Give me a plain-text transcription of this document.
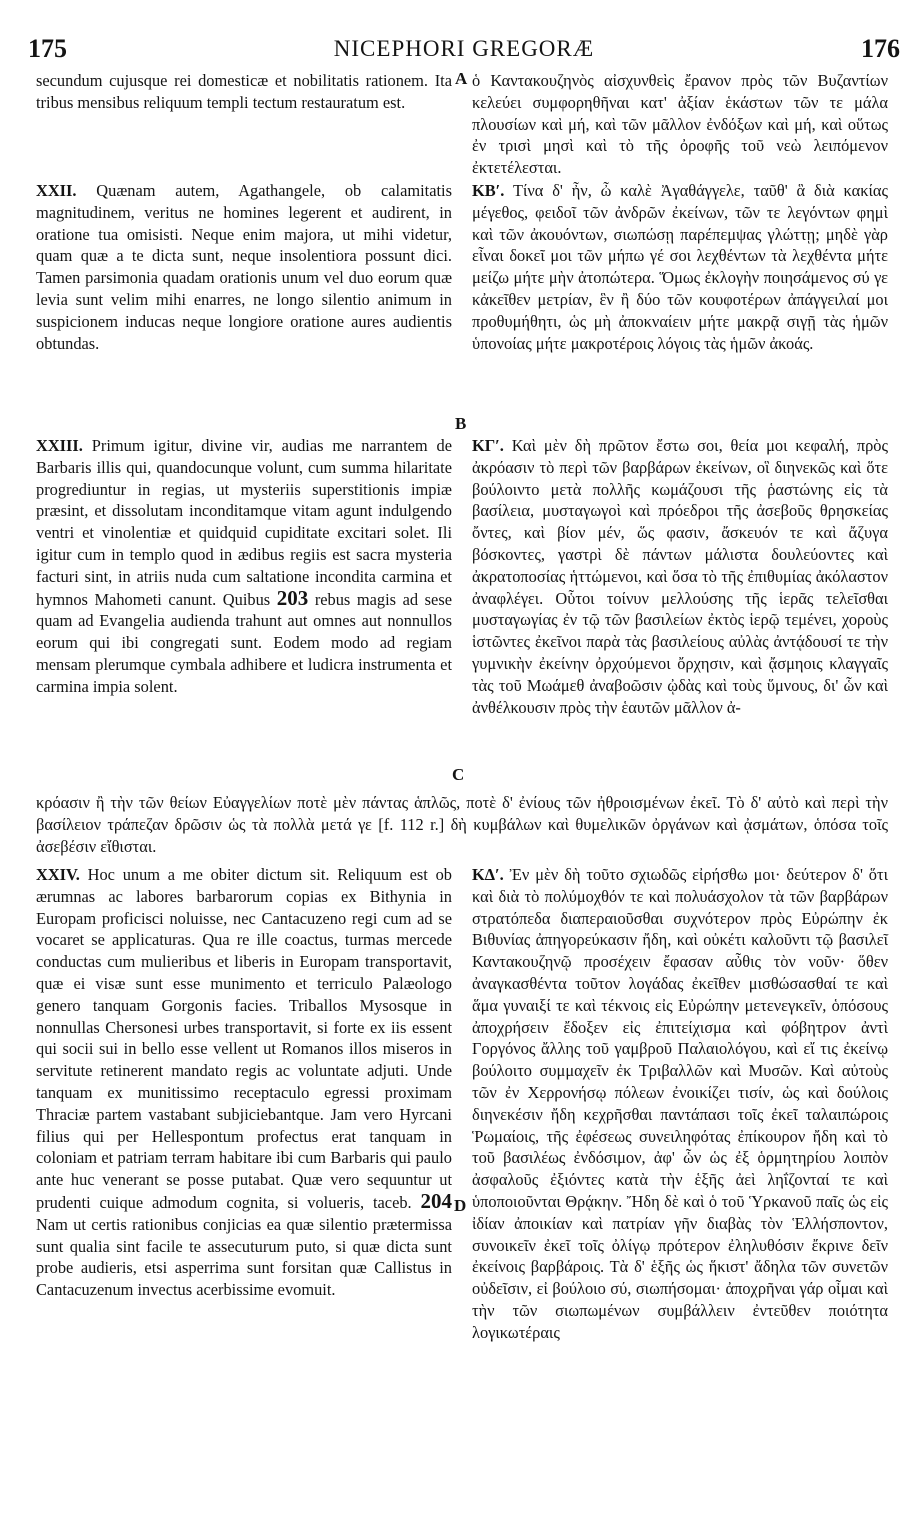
175	NICEPHORI GREGORÆ	176
A
B
C
D

secundum cujusque rei domesticæ et nobilitatis rationem. Ita tribus mensibus reliquum templi tectum restauratum est.

ὁ Καντακουζηνὸς αἰσχυνθεὶς ἔρανον πρὸς τῶν Βυζαντίων κελεύει συμφορηθῆναι κατ' ἀξίαν ἑκάστων τῶν τε μάλα πλουσίων καὶ μή, καὶ τῶν μᾶλλον ἐνδόξων καὶ μή, καὶ οὕτως ἐν τρισὶ μησὶ καὶ τὸ τῆς ὀροφῆς τοῦ νεὼ λειπόμενον ἐκτετέλεσται.

XXII. Quænam autem, Agathangele, ob calamitatis magnitudinem, veritus ne homines legerent et audirent, in oratione tua omisisti. Neque enim majora, ut mihi videtur, quam quæ a te dicta sunt, neque insolentiora possunt dici. Tamen parsimonia quadam orationis unum vel duo eorum quæ levia sunt velim mihi enarres, ne longo silentio animum in suspicionem inducas neque longiore oratione aures audientis obtundas.

ΚΒʹ. Τίνα δ' ἦν, ὦ καλὲ Ἀγαθάγγελε, ταῦθ' ἃ διὰ κακίας μέγεθος, φειδοῖ τῶν ἀνδρῶν ἐκείνων, τῶν τε λεγόντων φημὶ καὶ τῶν ἀκουόντων, σιωπώσῃ παρέπεμψας γλώττῃ; μηδὲ γὰρ εἶναι δοκεῖ μοι τῶν μήπω γέ σοι λεχθέντων τὰ λεχθέντα μήτε μείζω μήτε μὴν ἀτοπώτερα. Ὅμως ἐκλογὴν ποιησάμενος σύ γε κἀκεῖθεν μετρίαν, ἓν ἢ δύο τῶν κουφοτέρων ἀπάγγειλαί μοι προθυμήθητι, ὡς μὴ ἀποκναίειν μήτε μακρᾷ σιγῇ τὰς ἡμῶν ὑπονοίας μήτε μακροτέροις λόγοις τὰς ἡμῶν ἀκοάς.

XXIII. Primum igitur, divine vir, audias me narrantem de Barbaris illis qui, quandocunque volunt, cum summa hilaritate progrediuntur in regias, ut mysteriis superstitionis impiæ præsint, et dissolutam inconditamque vitam agunt indulgendo ventri et vinolentiæ et quidquid cupiditate excitari solet. Ili igitur cum in templo quod in ædibus regiis est sacra mysteria facturi sint, in atriis nuda cum saltatione incondita carmina et hymnos Mahometi canunt. Quibus 203 rebus magis ad sese quam ad Evangelia audienda trahunt aut omnes aut nonnullos eorum qui ibi congregati sunt. Eodem modo ad regiam mensam plerumque cymbala adhibere et ludicra instrumenta et carmina impia solent.

ΚΓʹ. Καὶ μὲν δὴ πρῶτον ἔστω σοι, θεία μοι κεφαλή, πρὸς ἀκρόασιν τὸ περὶ τῶν βαρβάρων ἐκείνων, οἳ διηνεκῶς καὶ ὅτε βούλοιντο μετὰ πολλῆς κωμάζουσι τῆς ῥαστώνης εἰς τὰ βασίλεια, μυσταγωγοὶ καὶ πρόεδροι τῆς ἀσεβοῦς θρησκείας ὄντες, καὶ βίον μέν, ὥς φασιν, ἄσκευόν τε καὶ ἄζυγα βόσκοντες, γαστρὶ δὲ πάντων μάλιστα δουλεύοντες καὶ ἀκρατοποσίας ἡττώμενοι, καὶ ὅσα τὸ τῆς ἐπιθυμίας ἀκόλαστον ἀναφλέγει. Οὗτοι τοίνυν μελλούσης τῆς ἱερᾶς τελεῖσθαι μυσταγωγίας ἐν τῷ τῶν βασιλείων ἐκτὸς ἱερῷ τεμένει, χοροὺς ἱστῶντες ἐκεῖνοι παρὰ τὰς βασιλείους αὐλὰς ἀντᾴδουσί τε τὴν γυμνικὴν ἐκείνην ὀρχούμενοι ὄρχησιν, καὶ ᾄσμηοις κλαγγαῖς τὰς τοῦ Μωάμεθ ἀναβοῶσιν ᾠδὰς καὶ τοὺς ὕμνους, δι' ὧν καὶ ἀνθέλκουσιν πρὸς τὴν ἑαυτῶν μᾶλλον ἀ-

κρόασιν ἢ τὴν τῶν θείων Εὐαγγελίων ποτὲ μὲν πάντας ἁπλῶς, ποτὲ δ' ἐνίους τῶν ἠθροισμένων ἐκεῖ. Τὸ δ' αὐτὸ καὶ περὶ τὴν βασίλειον τράπεζαν δρῶσιν ὡς τὰ πολλὰ μετά γε [f. 112 r.] δὴ κυμβάλων καὶ θυμελικῶν ὀργάνων καὶ ᾀσμάτων, ὁπόσα τοῖς ἀσεβέσιν εἴθισται.

XXIV. Hoc unum a me obiter dictum sit. Reliquum est ob ærumnas ac labores barbarorum copias ex Bithynia in Europam proficisci noluisse, nec Cantacuzeno regi cum ad se vocaret se applicaturas. Qua re ille coactus, turmas mercede conductas cum mulieribus et liberis in Europam transportavit, quæ ei visæ sunt esse munimento et terriculo Palæologo genero tanquam Gorgonis facies. Triballos Mysosque in nonnullas Chersonesi urbes transportavit, si forte ex iis essent qui socii sui in bello esse vellent ut Romanos illos miseros in servitute retinerent mandato regis ac voluntate adjuti. Unde tanquam ex munitissimo receptaculo egressi proximam Thraciæ partem vastabant subjiciebantque. Jam vero Hyrcani filius qui per Hellespontum profectus erat tanquam in coloniam et patriam terram habitare ibi cum Barbaris qui paulo ante huc venerant se posse putabat. Quæ vero sequuntur ut prudenti cuique admodum cognita, si volueris, taceb. 204 Nam ut certis rationibus conjicias ea quæ silentio prætermissa sunt qualia sint facile te assecuturum puto, si quæ dicta sunt probe audieris, etsi asperrima sunt forsitan quæ Callistus in Cantacuzenum invectus acerbissime evomuit.

ΚΔʹ. Ἐν μὲν δὴ τοῦτο σχιωδῶς εἰρήσθω μοι· δεύτερον δ' ὅτι καὶ διὰ τὸ πολύμοχθόν τε καὶ πολυάσχολον τὰ τῶν βαρβάρων στρατόπεδα διαπεραιοῦσθαι συχνότερον πρὸς Εὐρώπην ἐκ Βιθυνίας ἀπηγορεύκασιν ἤδη, καὶ οὐκέτι καλοῦντι τῷ βασιλεῖ Καντακουζηνῷ προσέχειν ἔφασαν αὖθις τὸν νοῦν· ὅθεν ἀναγκασθέντα τοῦτον λογάδας ἐκεῖθεν μισθώσασθαί τε καὶ ἅμα γυναιξί τε καὶ τέκνοις εἰς Εὐρώπην μετενεγκεῖν, ὁπόσους ἀποχρήσειν ἔδοξεν εἰς ἐπιτείχισμα καὶ φόβητρον ἀντὶ Γοργόνος ἄλλης τοῦ γαμβροῦ Παλαιολόγου, καὶ εἴ τις ἐκείνῳ βούλοιτο συμμαχεῖν ἐκ Τριβαλλῶν καὶ Μυσῶν. Καὶ αὐτοὺς τῶν ἐν Χερρονήσῳ πόλεων ἐνοικίζει τισίν, ὡς καὶ δούλοις διηνεκέσιν ἤδη κεχρῆσθαι παντάπασι τοῖς ἐκεῖ ταλαιπώροις Ῥωμαίοις, τῆς ἐφέσεως συνειληφότας ἐπίκουρον ἤδη καὶ τὸ τοῦ βασιλέως ἐνδόσιμον, ἀφ' ὧν ὡς ἐξ ὁρμητηρίου λοιπὸν ἀσφαλοῦς ἐξιόντες κατὰ τὴν ἑξῆς ἀεὶ ληΐζονταί τε καὶ ὑποποιοῦνται Θρᾴκην. Ἤδη δὲ καὶ ὁ τοῦ Ὑρκανοῦ παῖς ὡς εἰς ἰδίαν ἀποικίαν καὶ πατρίαν γῆν διαβὰς τὸν Ἑλλήσποντον, συνοικεῖν ἐκεῖ τοῖς ὀλίγῳ πρότερον ἐληλυθόσιν ἔκρινε δεῖν ἐκείνοις βαρβάροις. Τὰ δ' ἑξῆς ὡς ἥκιστ' ἄδηλα τῶν συνετῶν οὐδεῖσιν, εἰ βούλοιο σύ, σιωπήσομαι· ἀποχρῆναι γάρ οἶμαι καὶ τὴν τῶν σιωπωμένων συμβάλλειν ἐντεῦθεν ποιότητα λογικωτέραις
